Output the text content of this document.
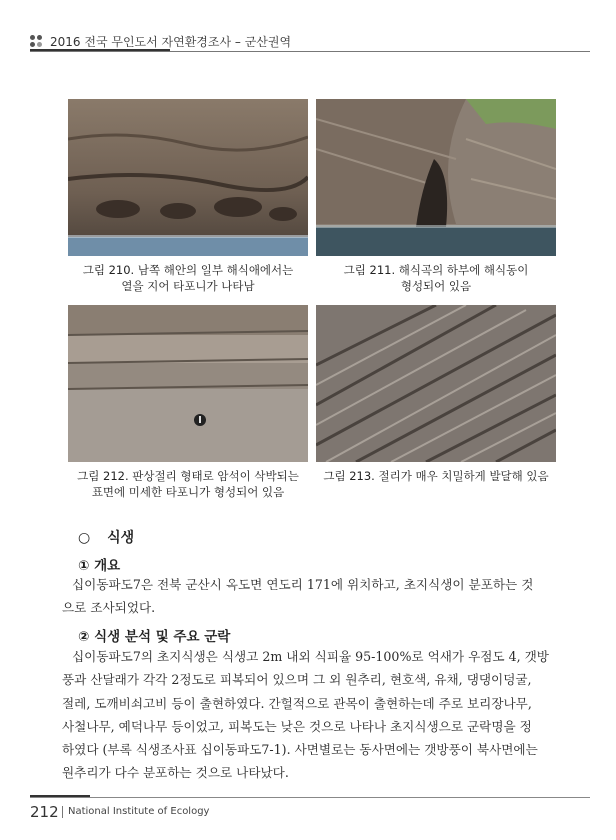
2016 전국 무인도서 자연환경조사 – 군산권역
그림 210. 남쪽 해안의 일부 해식애에서는
열을 지어 타포니가 나타남
그림 211. 해식곡의 하부에 해식동이
형성되어 있음
그림 212. 판상절리 형태로 암석이 삭박되는
표면에 미세한 타포니가 형성되어 있음
그림 213. 절리가 매우 치밀하게 발달해 있음
○ 식생
① 개요

십이동파도7은 전북 군산시 옥도면 연도리 171에 위치하고, 초지식생이 분포하는 것

으로 조사되었다.

② 식생 분석 및 주요 군락

십이동파도7의 초지식생은 식생고 2m 내외 식피율 95-100%로 억새가 우점도 4, 갯방

풍과 산달래가 각각 2정도로 피복되어 있으며 그 외 원추리, 현호색, 유채, 댕댕이덩굴,

절레, 도깨비쇠고비 등이 출현하였다. 간헐적으로 관목이 출현하는데 주로 보리장나무,

사철나무, 예덕나무 등이었고, 피복도는 낮은 것으로 나타나 초지식생으로 군락명을 정

하였다 (부록 식생조사표 십이동파도7-1). 사면별로는 동사면에는 갯방풍이 북사면에는

원추리가 다수 분포하는 것으로 나타났다.

212 National Institute of Ecology
